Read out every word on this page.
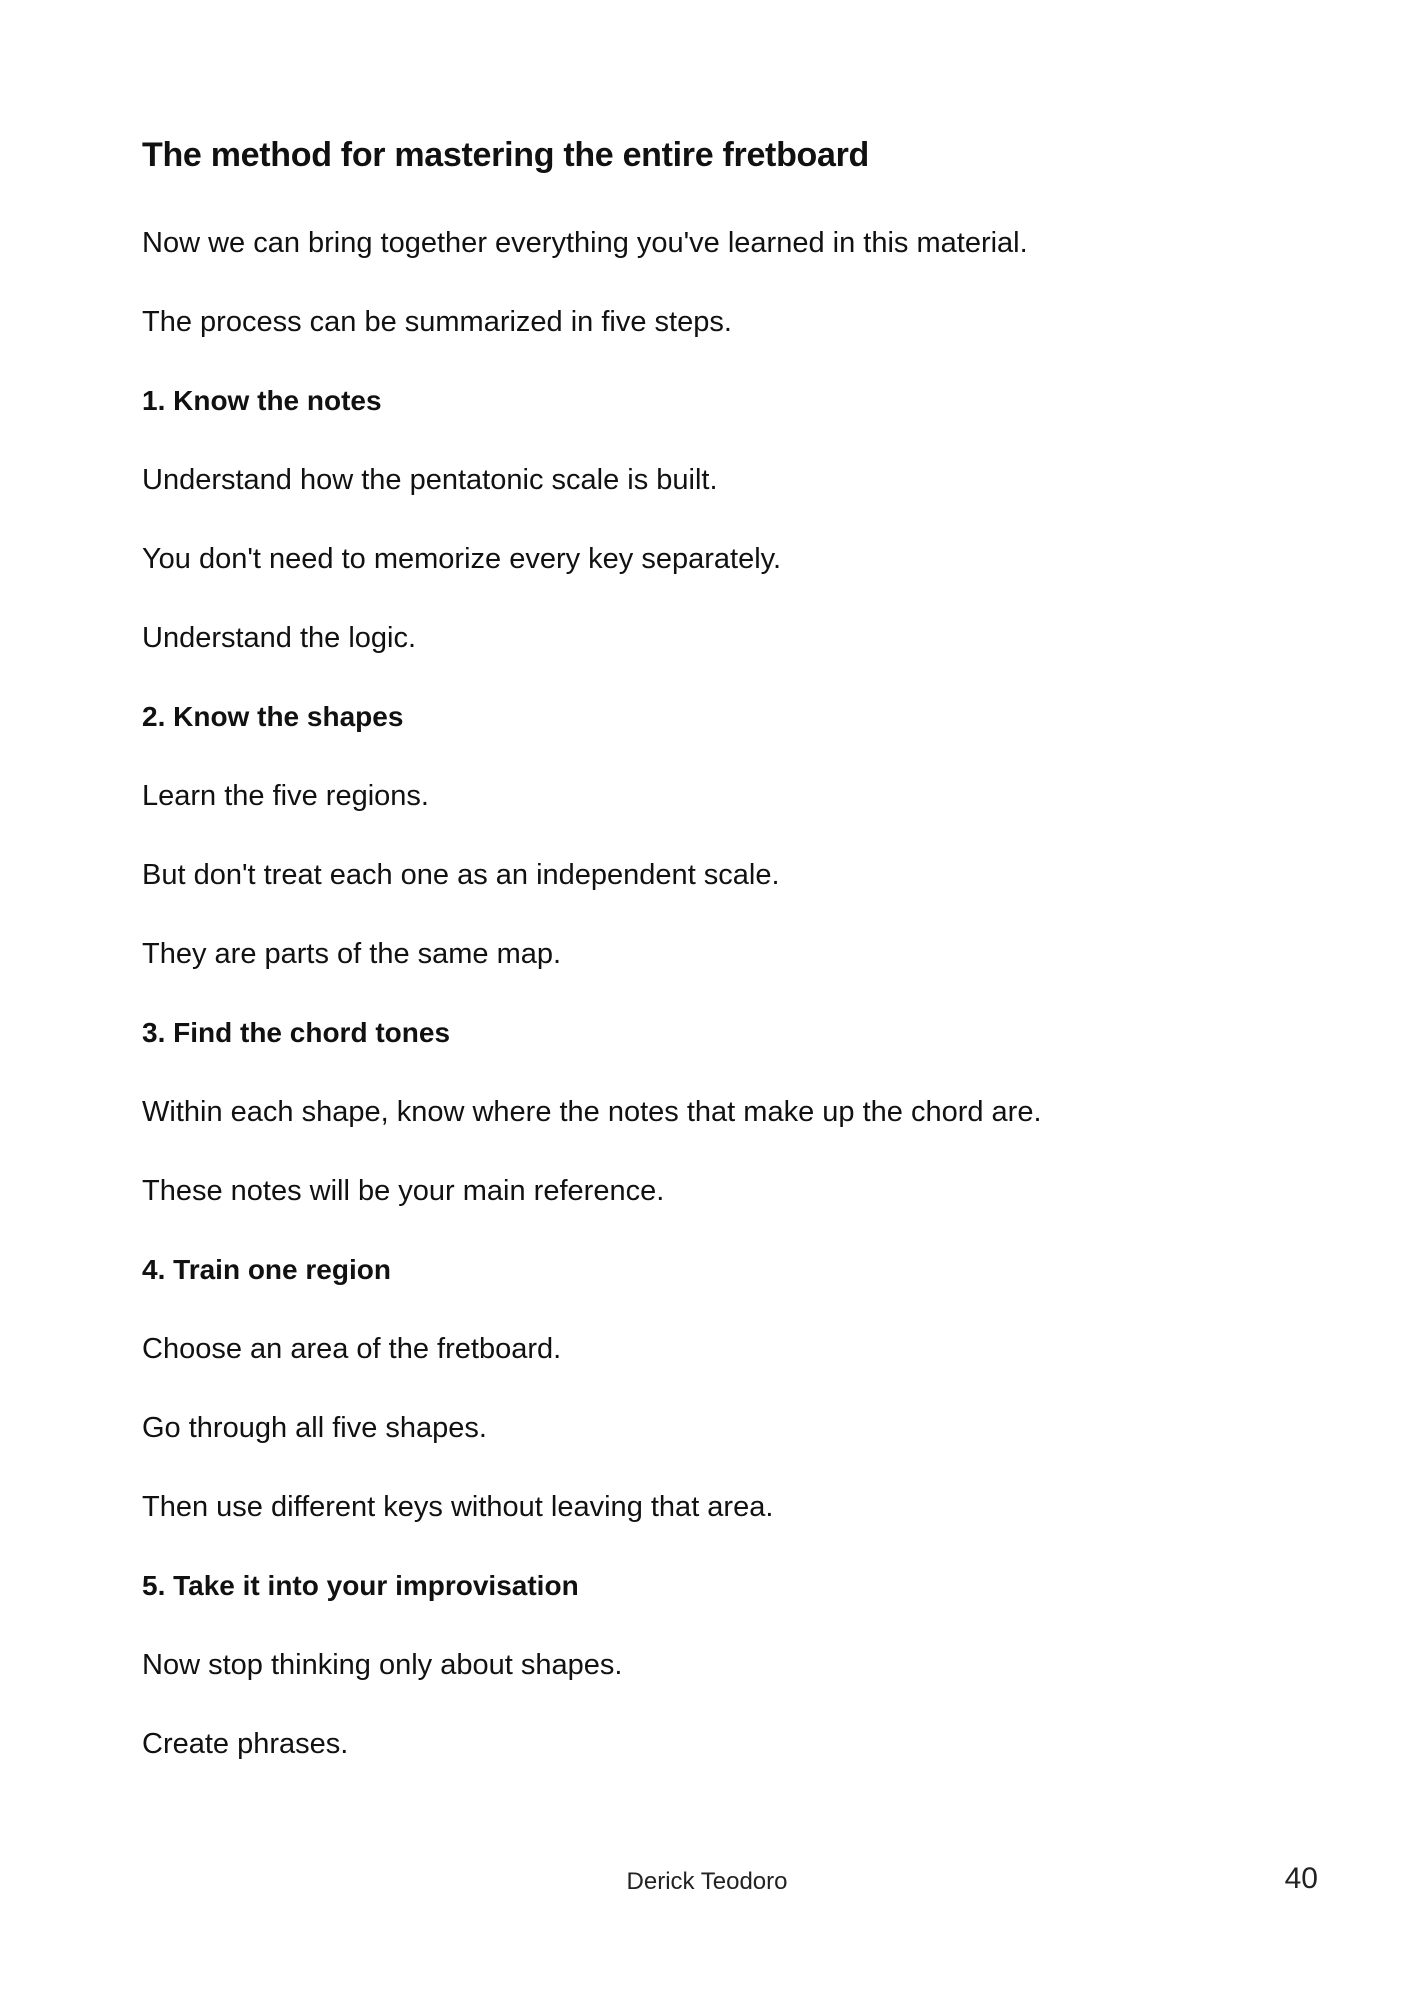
The method for mastering the entire fretboard

Now we can bring together everything you've learned in this material.

The process can be summarized in five steps.

1. Know the notes

Understand how the pentatonic scale is built.

You don't need to memorize every key separately.

Understand the logic.

2. Know the shapes

Learn the five regions.

But don't treat each one as an independent scale.

They are parts of the same map.

3. Find the chord tones

Within each shape, know where the notes that make up the chord are.

These notes will be your main reference.

4. Train one region

Choose an area of the fretboard.

Go through all five shapes.

Then use different keys without leaving that area.

5. Take it into your improvisation

Now stop thinking only about shapes.

Create phrases.

Derick Teodoro	40
